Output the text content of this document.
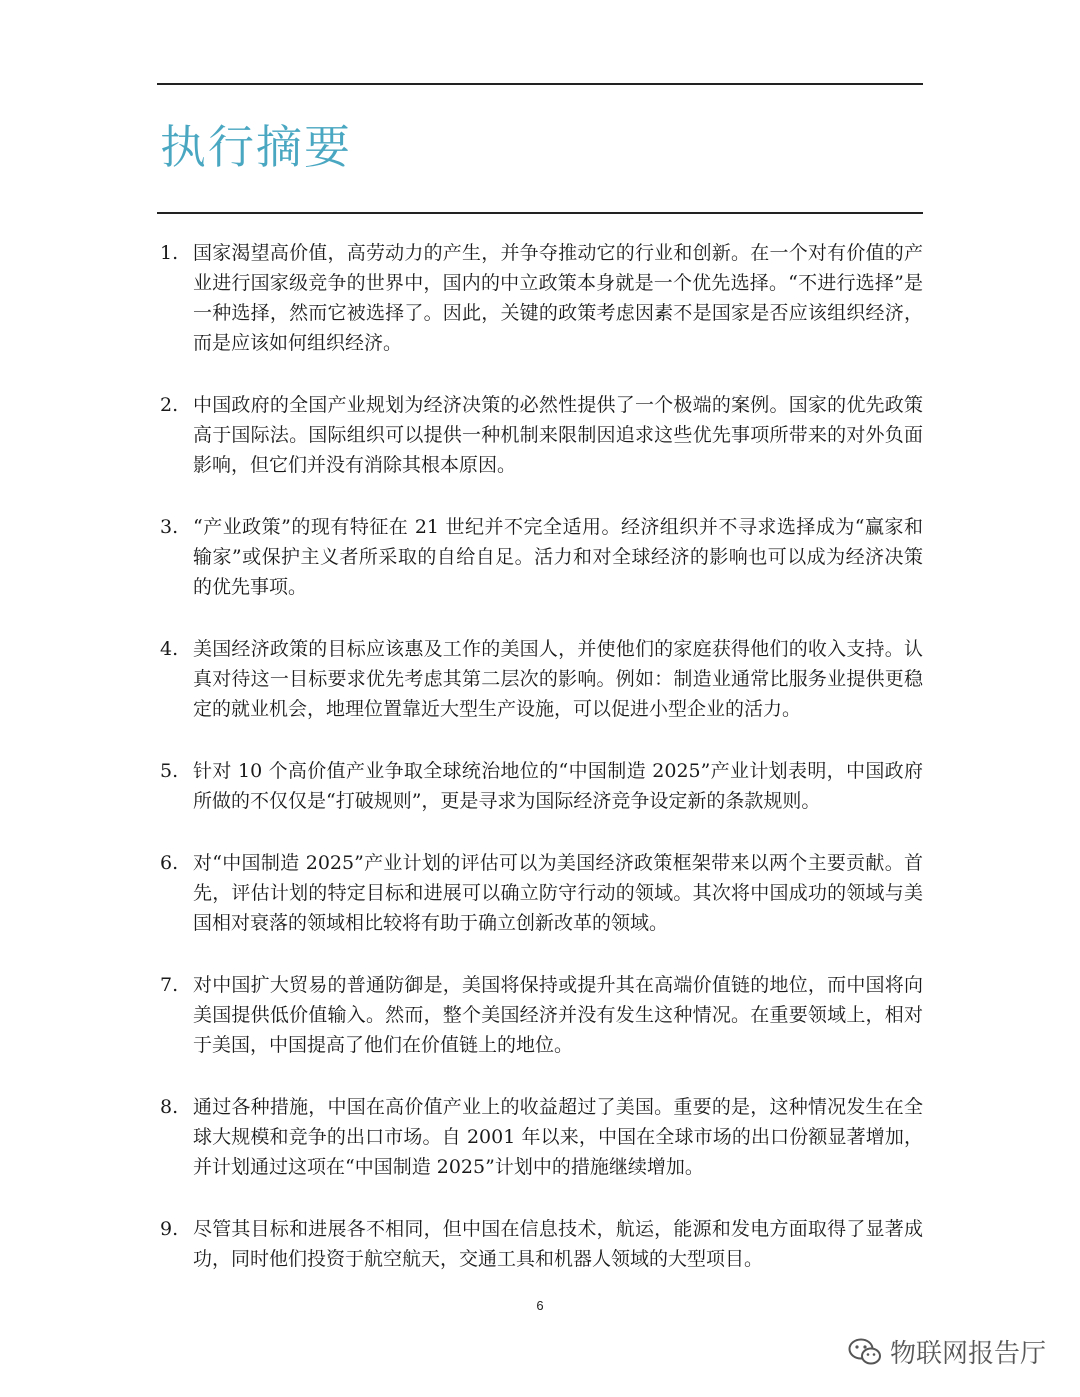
执行摘要
1. 国家渴望高价值，高劳动力的产生，并争夺推动它的行业和创新。在一个对有价值的产业进行国家级竞争的世界中，国内的中立政策本身就是一个优先选择。“不进行选择”是一种选择，然而它被选择了。因此，关键的政策考虑因素不是国家是否应该组织经济，而是应该如何组织经济。
2. 中国政府的全国产业规划为经济决策的必然性提供了一个极端的案例。国家的优先政策高于国际法。国际组织可以提供一种机制来限制因追求这些优先事项所带来的对外负面影响，但它们并没有消除其根本原因。
3. “产业政策”的现有特征在 21 世纪并不完全适用。经济组织并不寻求选择成为“赢家和输家”或保护主义者所采取的自给自足。活力和对全球经济的影响也可以成为经济决策的优先事项。
4. 美国经济政策的目标应该惠及工作的美国人，并使他们的家庭获得他们的收入支持。认真对待这一目标要求优先考虑其第二层次的影响。例如：制造业通常比服务业提供更稳定的就业机会，地理位置靠近大型生产设施，可以促进小型企业的活力。
5. 针对 10 个高价值产业争取全球统治地位的“中国制造 2025”产业计划表明，中国政府所做的不仅仅是“打破规则”，更是寻求为国际经济竞争设定新的条款规则。
6. 对“中国制造 2025”产业计划的评估可以为美国经济政策框架带来以两个主要贡献。首先，评估计划的特定目标和进展可以确立防守行动的领域。其次将中国成功的领域与美国相对衰落的领域相比较将有助于确立创新改革的领域。
7. 对中国扩大贸易的普通防御是，美国将保持或提升其在高端价值链的地位，而中国将向美国提供低价值输入。然而，整个美国经济并没有发生这种情况。在重要领域上，相对于美国，中国提高了他们在价值链上的地位。
8. 通过各种措施，中国在高价值产业上的收益超过了美国。重要的是，这种情况发生在全球大规模和竞争的出口市场。自 2001 年以来，中国在全球市场的出口份额显著增加，并计划通过这项在“中国制造 2025”计划中的措施继续增加。
9. 尽管其目标和进展各不相同，但中国在信息技术，航运，能源和发电方面取得了显著成功，同时他们投资于航空航天，交通工具和机器人领域的大型项目。
6
物联网报告厅
